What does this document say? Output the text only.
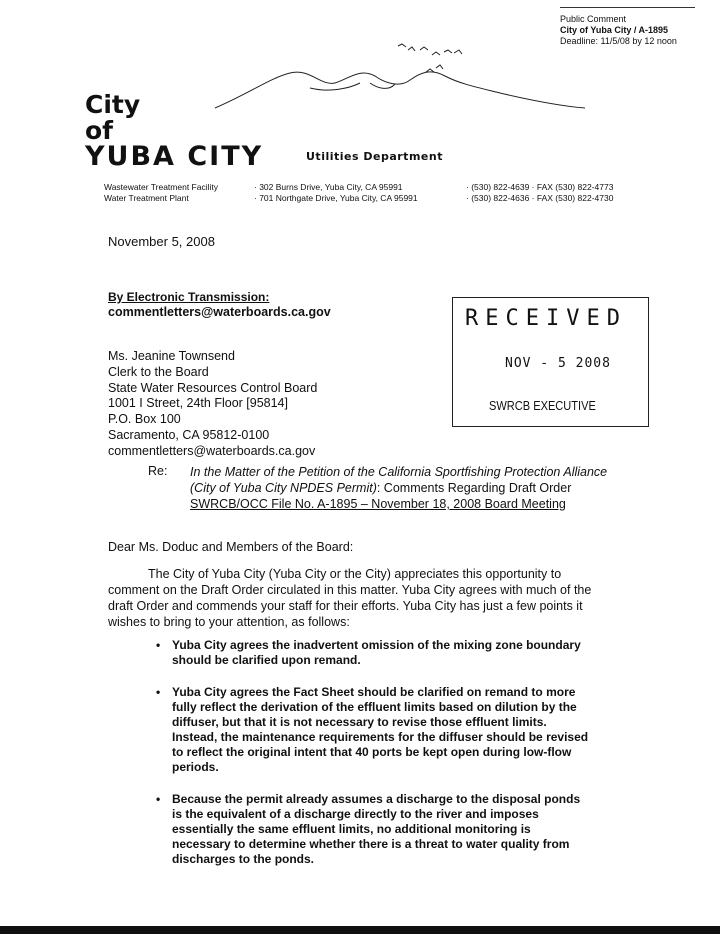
Public Comment
City of Yuba City / A-1895
Deadline: 11/5/08 by 12 noon
City
of
YUBA CITY	Utilities Department
Wastewater Treatment Facility
Water Treatment Plant
· 302 Burns Drive, Yuba City, CA 95991
· 701 Northgate Drive, Yuba City, CA 95991
· (530) 822-4639 · FAX (530) 822-4773
· (530) 822-4636 · FAX (530) 822-4730
November 5, 2008
By Electronic Transmission:
commentletters@waterboards.ca.gov	RECEIVED
NOV - 5 2008
SWRCB EXECUTIVE
Ms. Jeanine Townsend
Clerk to the Board
State Water Resources Control Board
1001 I Street, 24th Floor [95814]
P.O. Box 100
Sacramento, CA 95812-0100
commentletters@waterboards.ca.gov
Re: In the Matter of the Petition of the California Sportfishing Protection Alliance (City of Yuba City NPDES Permit): Comments Regarding Draft Order
SWRCB/OCC File No. A-1895 – November 18, 2008 Board Meeting
Dear Ms. Doduc and Members of the Board:
The City of Yuba City (Yuba City or the City) appreciates this opportunity to comment on the Draft Order circulated in this matter. Yuba City agrees with much of the draft Order and commends your staff for their efforts. Yuba City has just a few points it wishes to bring to your attention, as follows:
• Yuba City agrees the inadvertent omission of the mixing zone boundary should be clarified upon remand.
• Yuba City agrees the Fact Sheet should be clarified on remand to more fully reflect the derivation of the effluent limits based on dilution by the diffuser, but that it is not necessary to revise those effluent limits. Instead, the maintenance requirements for the diffuser should be revised to reflect the original intent that 40 ports be kept open during low-flow periods.
• Because the permit already assumes a discharge to the disposal ponds is the equivalent of a discharge directly to the river and imposes essentially the same effluent limits, no additional monitoring is necessary to determine whether there is a threat to water quality from discharges to the ponds.
